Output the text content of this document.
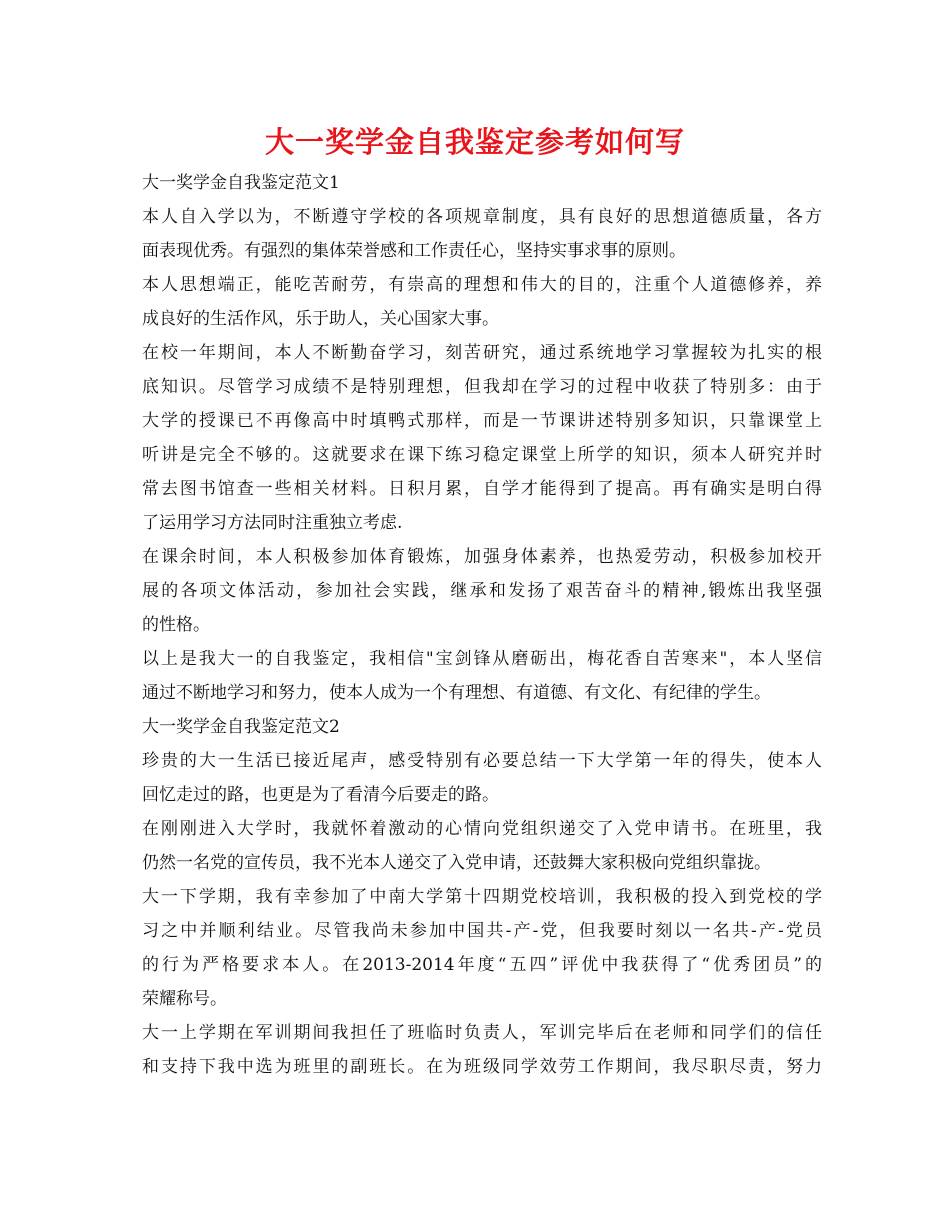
大一奖学金自我鉴定参考如何写
大一奖学金自我鉴定范文1
本人自入学以为，不断遵守学校的各项规章制度，具有良好的思想道德质量，各方
面表现优秀。有强烈的集体荣誉感和工作责任心，坚持实事求事的原则。
本人思想端正，能吃苦耐劳，有崇高的理想和伟大的目的，注重个人道德修养，养
成良好的生活作风，乐于助人，关心国家大事。
在校一年期间，本人不断勤奋学习，刻苦研究，通过系统地学习掌握较为扎实的根
底知识。尽管学习成绩不是特别理想，但我却在学习的过程中收获了特别多：由于
大学的授课已不再像高中时填鸭式那样，而是一节课讲述特别多知识，只靠课堂上
听讲是完全不够的。这就要求在课下练习稳定课堂上所学的知识，须本人研究并时
常去图书馆查一些相关材料。日积月累，自学才能得到了提高。再有确实是明白得
了运用学习方法同时注重独立考虑.
在课余时间，本人积极参加体育锻炼，加强身体素养，也热爱劳动，积极参加校开
展的各项文体活动，参加社会实践，继承和发扬了艰苦奋斗的精神,锻炼出我坚强
的性格。
以上是我大一的自我鉴定，我相信"宝剑锋从磨砺出，梅花香自苦寒来"，本人坚信
通过不断地学习和努力，使本人成为一个有理想、有道德、有文化、有纪律的学生。
大一奖学金自我鉴定范文2
珍贵的大一生活已接近尾声，感受特别有必要总结一下大学第一年的得失，使本人
回忆走过的路，也更是为了看清今后要走的路。
在刚刚进入大学时，我就怀着激动的心情向党组织递交了入党申请书。在班里，我
仍然一名党的宣传员，我不光本人递交了入党申请，还鼓舞大家积极向党组织靠拢。
大一下学期，我有幸参加了中南大学第十四期党校培训，我积极的投入到党校的学
习之中并顺利结业。尽管我尚未参加中国共-产-党，但我要时刻以一名共-产-党员
的行为严格要求本人。在2013-2014年度“五四”评优中我获得了“优秀团员”的
荣耀称号。
大一上学期在军训期间我担任了班临时负责人，军训完毕后在老师和同学们的信任
和支持下我中选为班里的副班长。在为班级同学效劳工作期间，我尽职尽责，努力
